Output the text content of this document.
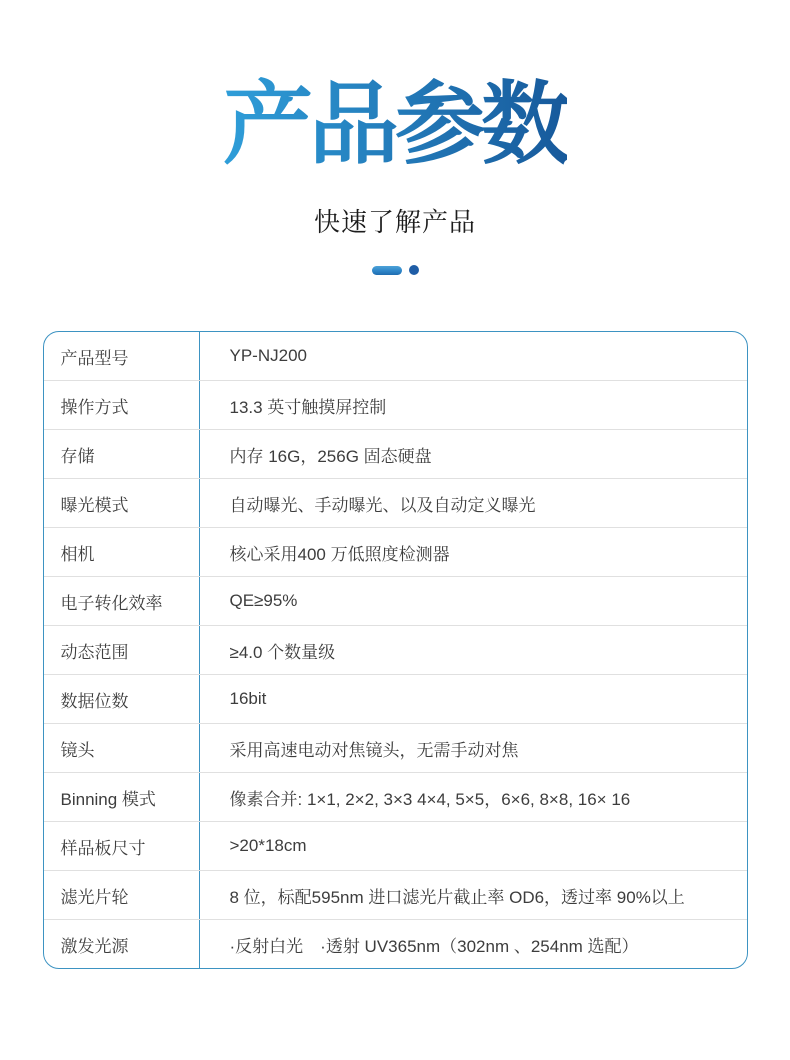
产品参数

快速了解产品

产品型号	YP-NJ200
操作方式	13.3 英寸触摸屏控制
存储	内存 16G，256G 固态硬盘
曝光模式	自动曝光、手动曝光、以及自动定义曝光
相机	核心采用400 万低照度检测器
电子转化效率	QE≥95%
动态范围	≥4.0 个数量级
数据位数	16bit
镜头	采用高速电动对焦镜头，无需手动对焦
Binning 模式	像素合并: 1×1, 2×2, 3×3 4×4, 5×5，6×6, 8×8, 16× 16
样品板尺寸	>20*18cm
滤光片轮	8 位，标配595nm 进口滤光片截止率 OD6，透过率 90%以上
激发光源	·反射白光　·透射 UV365nm（302nm 、254nm 选配）
